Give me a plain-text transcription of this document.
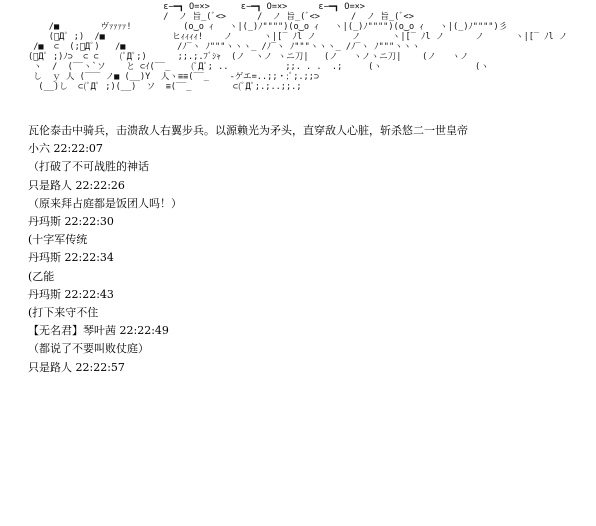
ε−━┓ O=×>      ε−━┓ O=×>      ε−━┓ O=×>
/  ノ 旨_(ﾞ<>      /  ノ 旨_(ﾞ<>      /  ノ 旨_(ﾞ<>
/■        ヴｧｧｧｧ!          (o‿o ｨ   ヽ|(_)ﾉ"""")(o‿o ｨ   ヽ|(_)ﾉ"""")(o‿o ｨ   ヽ|(_)ﾉ"""")彡
(ﾟДﾟ ;)  /■             ヒｨｨｨｨ!    ノ      ヽ|[‾ ﾉl ノ       ノ      ヽ|[‾ ﾉl ノ      ノ      ヽ|[‾ ﾉl ノ
/■  ⊂  (;ﾟДﾟ)   /■          /ﾉ‾ヽ ﾉ"""ヽヽヽ_ /ﾉ‾ヽ ﾉ"""ヽヽヽ_ /ﾉ‾ヽ ﾉ"""ヽヽヽ
(ﾟДﾟ ;)ﾉ⊃  ⊂ ⊂    (ﾟДﾟ;)      ;;.;.ﾌﾞｼｬ  (ノ  ヽノ ヽニ刀|   (ノ   ヽノヽニ刀|    (ノ   ヽノ
ヽ  /  (‾‾ヽ`ソ    と ⊂ｲ(‾‾_    (ﾟДﾟ; ..           ;;. . .  .;     (ヽ                  (ヽ
し  ｙ 人 (‾‾‾ ノ■ (__)Y  人ヽ≡≡(‾‾_    -ゲエ=..;;・;ﾟ;.;;⊃
(__)し  ⊂(ﾟДﾟ ;)(__)  ソ  ≡(‾‾_        ⊂(ﾟДﾟ;.;..;;.;
瓦伦泰击中骑兵，击溃敌人右翼步兵。以源赖光为矛头，直穿敌人心脏，斩杀悠二一世皇帝
小六 22:22:07
（打破了不可战胜的神话
只是路人 22:22:26
（原来拜占庭都是饭团人吗！）
丹玛斯 22:22:30
(十字军传统
丹玛斯 22:22:34
(乙能
丹玛斯 22:22:43
(打下来守不住
【无名君】琴叶茜 22:22:49
（都说了不要叫败仗庭）
只是路人 22:22:57
